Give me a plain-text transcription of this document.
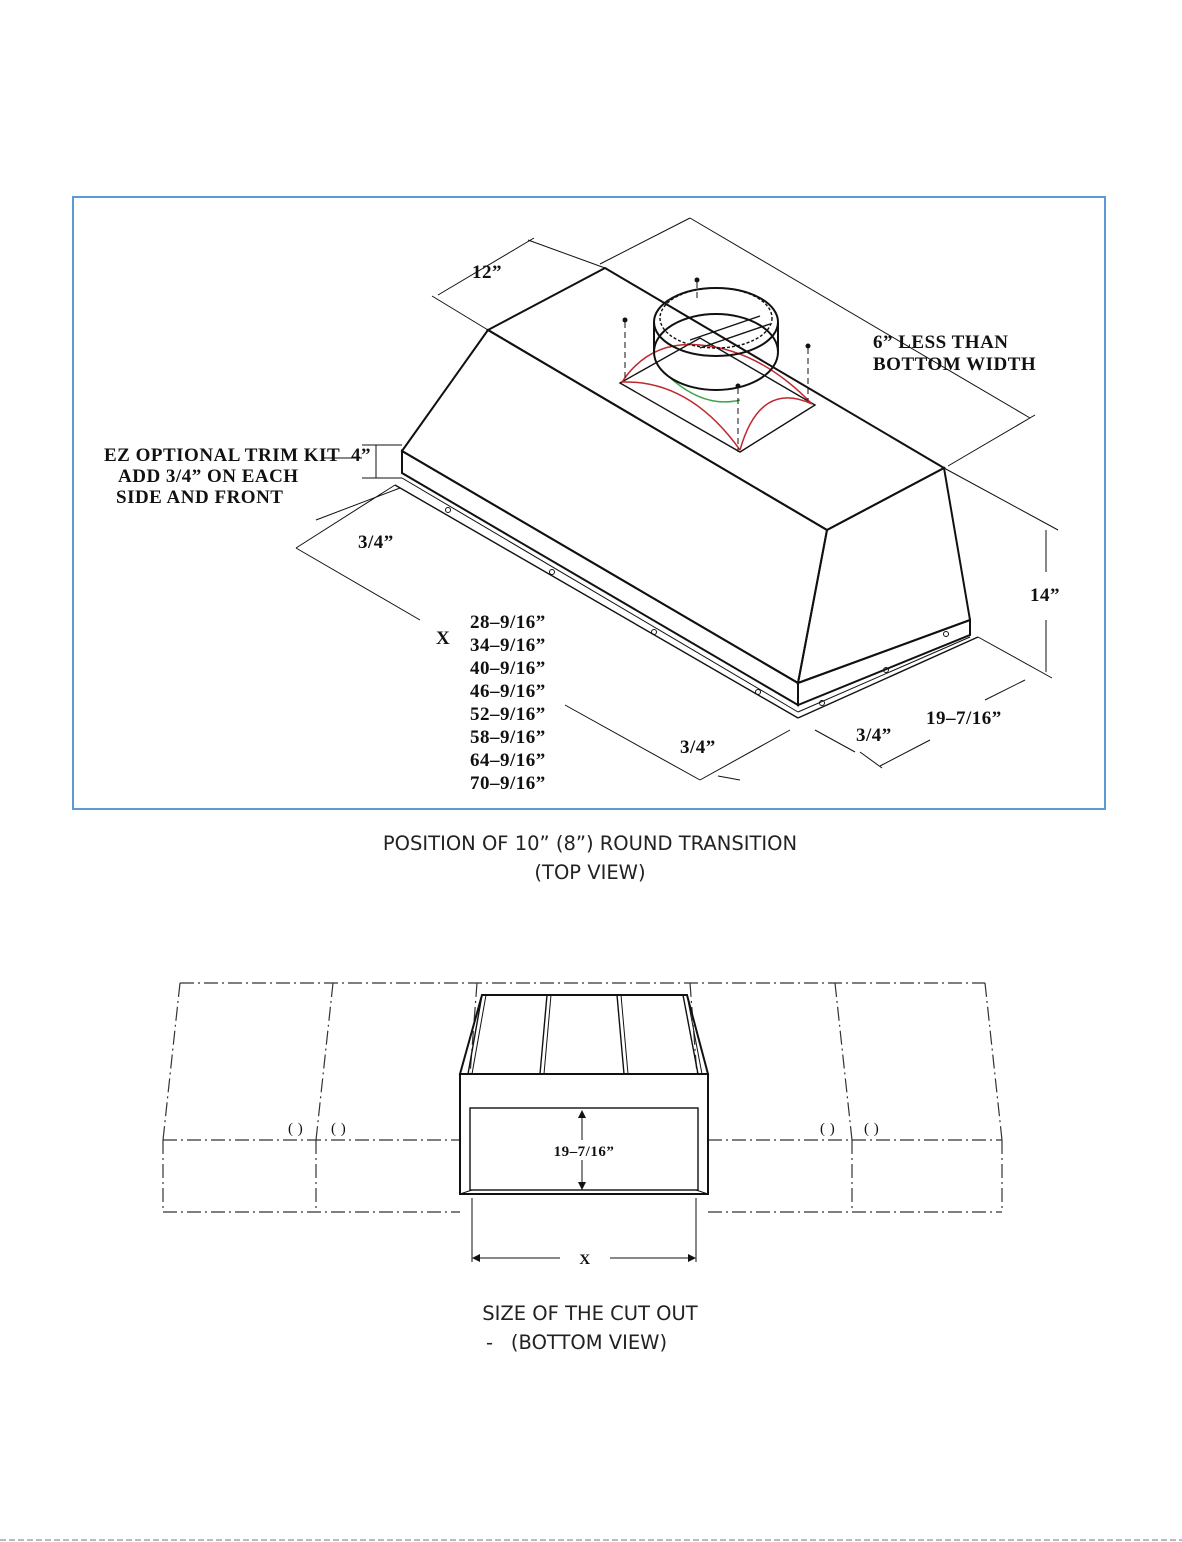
12”
6” LESS THAN
BOTTOM WIDTH
4”
EZ OPTIONAL TRIM KIT
ADD 3/4” ON EACH
SIDE AND FRONT
3/4”
X
28–9/16”
34–9/16”
40–9/16”
46–9/16”
52–9/16”
58–9/16”
64–9/16”
70–9/16”
3/4”
3/4”
19–7/16”
14”
POSITION OF 10” (8”) ROUND TRANSITION
(TOP VIEW)
( ) ( )	( ) ( )
19–7/16”
X
SIZE OF THE CUT OUT
- (BOTTOM VIEW)
